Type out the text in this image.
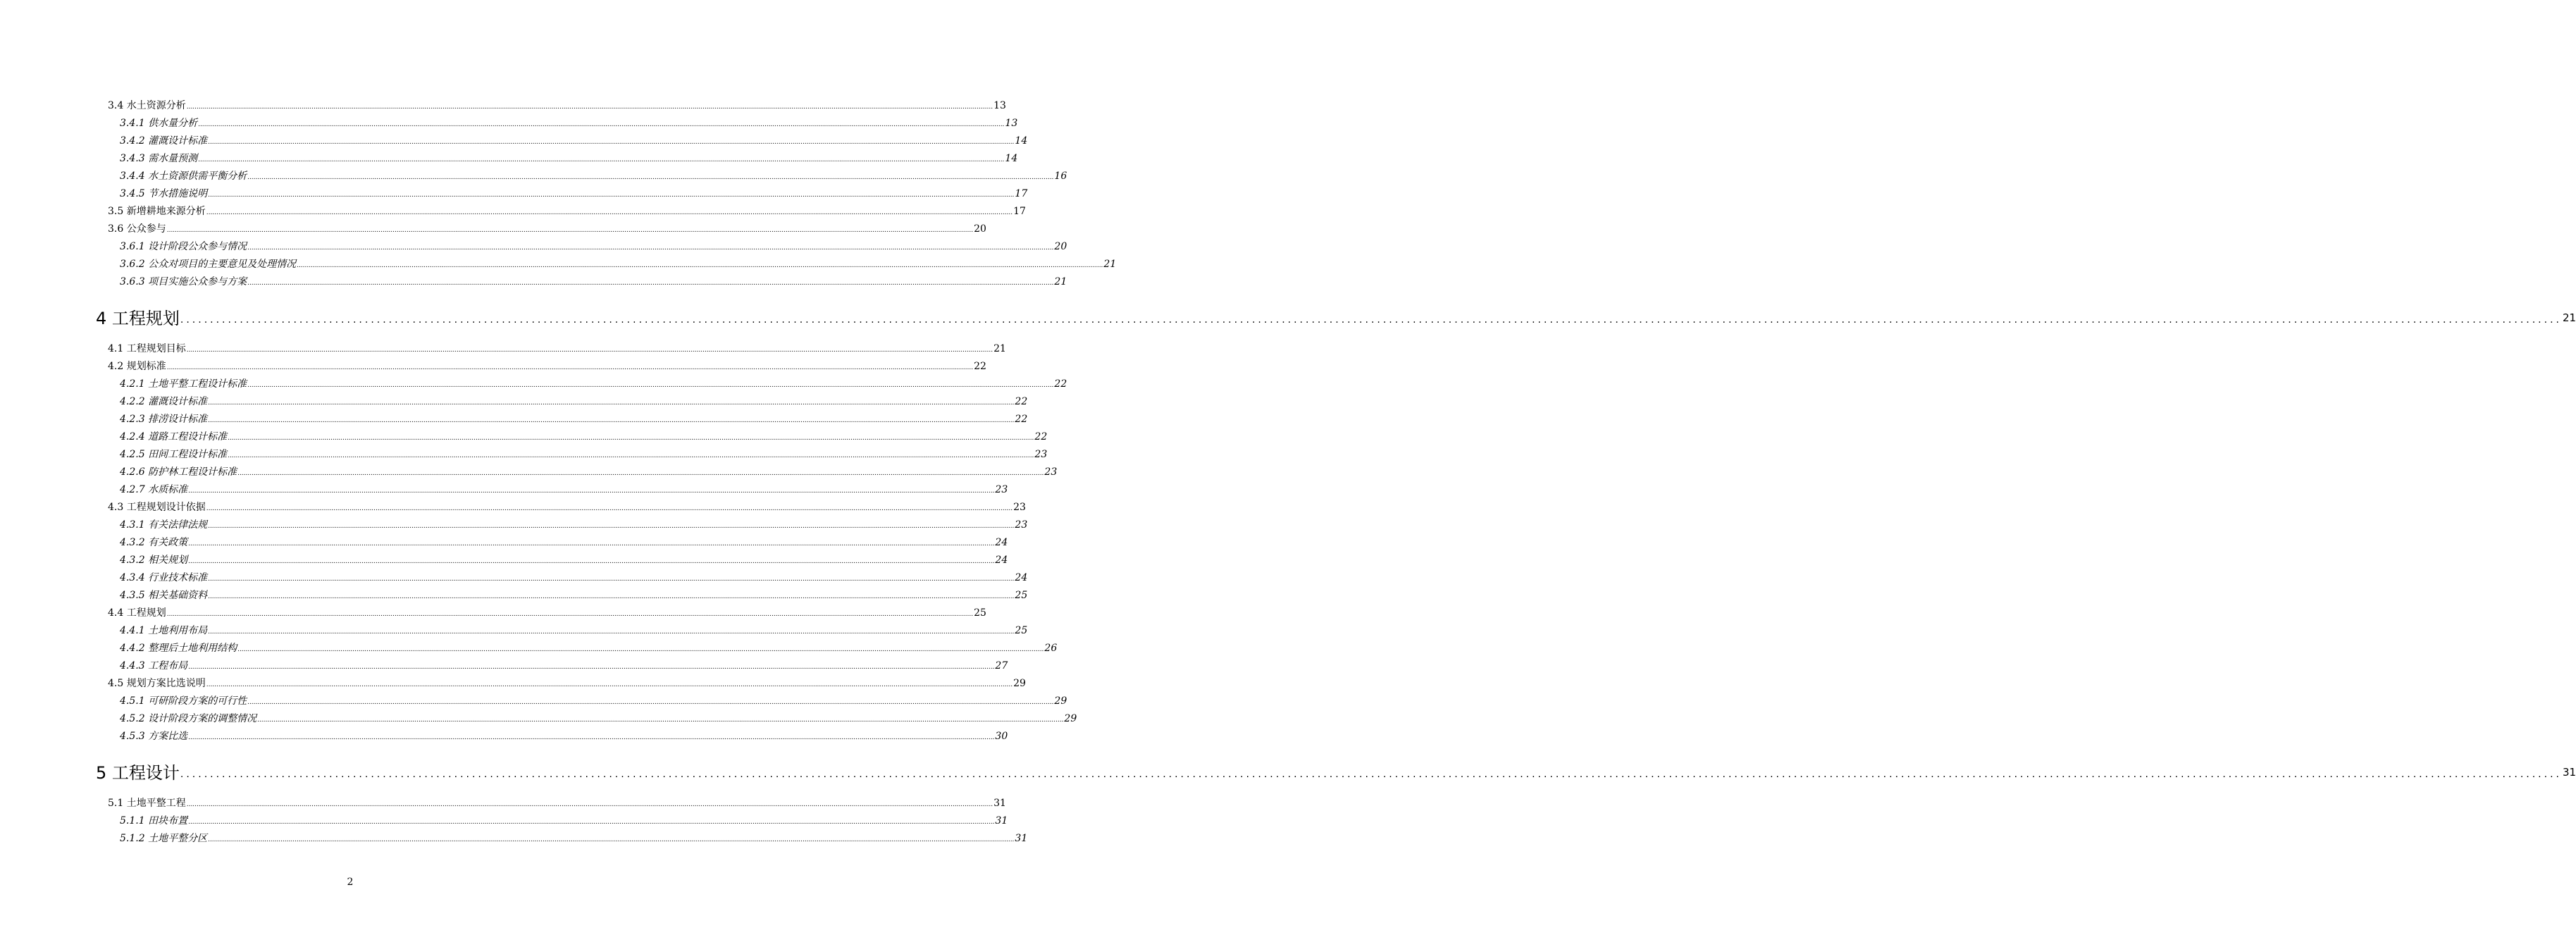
3.4 水土资源分析 ................................................................................................................................................................................................................................................................................................................................................................................................................ 13
3.4.1 供水量分析 ................................................................................................................................................................................................................................................................................................................................................................................................................ 13
3.4.2 灌溉设计标准 ................................................................................................................................................................................................................................................................................................................................................................................................................ 14
3.4.3 需水量预测 ................................................................................................................................................................................................................................................................................................................................................................................................................ 14
3.4.4 水土资源供需平衡分析 ................................................................................................................................................................................................................................................................................................................................................................................................................ 16
3.4.5 节水措施说明 ................................................................................................................................................................................................................................................................................................................................................................................................................ 17
3.5 新增耕地来源分析 ................................................................................................................................................................................................................................................................................................................................................................................................................ 17
3.6 公众参与 ................................................................................................................................................................................................................................................................................................................................................................................................................ 20
3.6.1 设计阶段公众参与情况 ................................................................................................................................................................................................................................................................................................................................................................................................................ 20
3.6.2 公众对项目的主要意见及处理情况 ................................................................................................................................................................................................................................................................................................................................................................................................................ 21
3.6.3 项目实施公众参与方案 ................................................................................................................................................................................................................................................................................................................................................................................................................ 21
4 工程规划 ................................................................................................................................................................................................................................................................................................................................................................................................................ 21
4.1 工程规划目标 ................................................................................................................................................................................................................................................................................................................................................................................................................ 21
4.2 规划标准 ................................................................................................................................................................................................................................................................................................................................................................................................................ 22
4.2.1 土地平整工程设计标准 ................................................................................................................................................................................................................................................................................................................................................................................................................ 22
4.2.2 灌溉设计标准 ................................................................................................................................................................................................................................................................................................................................................................................................................ 22
4.2.3 排涝设计标准 ................................................................................................................................................................................................................................................................................................................................................................................................................ 22
4.2.4 道路工程设计标准 ................................................................................................................................................................................................................................................................................................................................................................................................................ 22
4.2.5 田间工程设计标准 ................................................................................................................................................................................................................................................................................................................................................................................................................ 23
4.2.6 防护林工程设计标准 ................................................................................................................................................................................................................................................................................................................................................................................................................ 23
4.2.7 水质标准 ................................................................................................................................................................................................................................................................................................................................................................................................................ 23
4.3 工程规划设计依据 ................................................................................................................................................................................................................................................................................................................................................................................................................ 23
4.3.1 有关法律法规 ................................................................................................................................................................................................................................................................................................................................................................................................................ 23
4.3.2 有关政策 ................................................................................................................................................................................................................................................................................................................................................................................................................ 24
4.3.2 相关规划 ................................................................................................................................................................................................................................................................................................................................................................................................................ 24
4.3.4 行业技术标准 ................................................................................................................................................................................................................................................................................................................................................................................................................ 24
4.3.5 相关基础资料 ................................................................................................................................................................................................................................................................................................................................................................................................................ 25
4.4 工程规划 ................................................................................................................................................................................................................................................................................................................................................................................................................ 25
4.4.1 土地利用布局 ................................................................................................................................................................................................................................................................................................................................................................................................................ 25
4.4.2 整理后土地利用结构 ................................................................................................................................................................................................................................................................................................................................................................................................................ 26
4.4.3 工程布局 ................................................................................................................................................................................................................................................................................................................................................................................................................ 27
4.5 规划方案比选说明 ................................................................................................................................................................................................................................................................................................................................................................................................................ 29
4.5.1 可研阶段方案的可行性 ................................................................................................................................................................................................................................................................................................................................................................................................................ 29
4.5.2 设计阶段方案的调整情况 ................................................................................................................................................................................................................................................................................................................................................................................................................ 29
4.5.3 方案比选 ................................................................................................................................................................................................................................................................................................................................................................................................................ 30
5 工程设计 ................................................................................................................................................................................................................................................................................................................................................................................................................ 31
5.1 土地平整工程 ................................................................................................................................................................................................................................................................................................................................................................................................................ 31
5.1.1 田块布置 ................................................................................................................................................................................................................................................................................................................................................................................................................ 31
5.1.2 土地平整分区 ................................................................................................................................................................................................................................................................................................................................................................................................................ 31
2
